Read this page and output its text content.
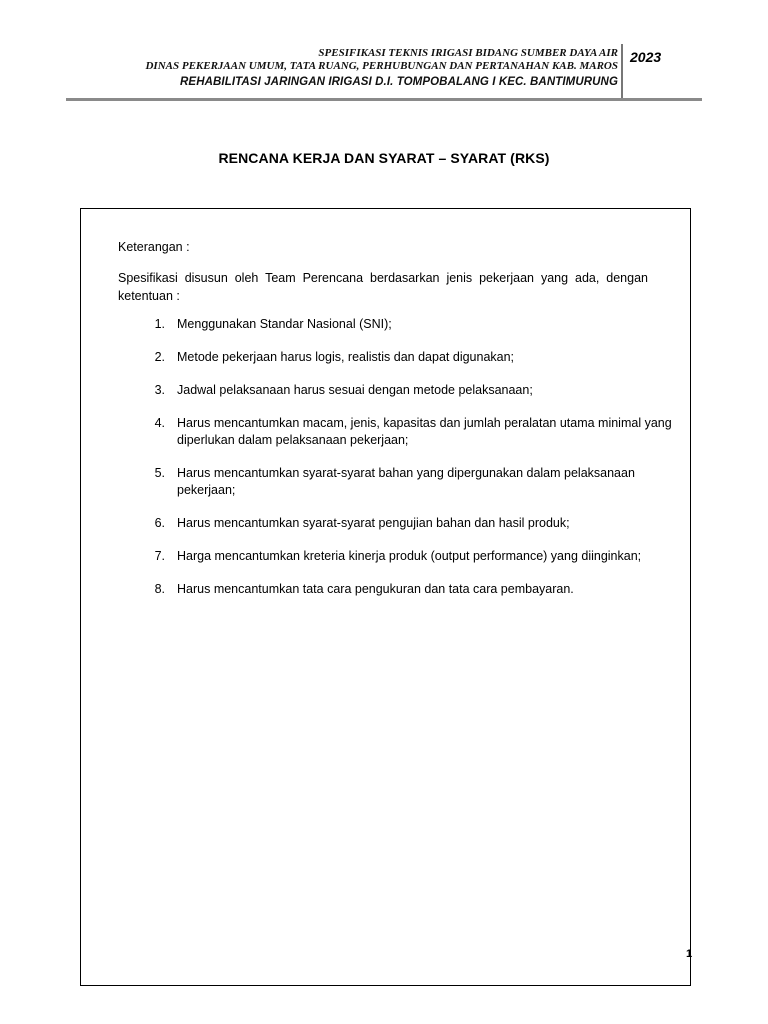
SPESIFIKASI TEKNIS IRIGASI BIDANG SUMBER DAYA AIR
DINAS PEKERJAAN UMUM, TATA RUANG, PERHUBUNGAN DAN PERTANAHAN KAB. MAROS
REHABILITASI JARINGAN IRIGASI D.I. TOMPOBALANG I KEC. BANTIMURUNG
2023
RENCANA KERJA DAN SYARAT – SYARAT (RKS)
Keterangan :
Spesifikasi disusun oleh Team Perencana berdasarkan jenis pekerjaan yang ada, dengan ketentuan :
1. Menggunakan Standar Nasional (SNI);
2. Metode pekerjaan harus logis, realistis dan dapat digunakan;
3. Jadwal pelaksanaan harus sesuai dengan metode pelaksanaan;
4. Harus mencantumkan macam, jenis, kapasitas dan jumlah peralatan utama minimal yang diperlukan dalam pelaksanaan pekerjaan;
5. Harus mencantumkan syarat-syarat bahan yang dipergunakan dalam pelaksanaan pekerjaan;
6. Harus mencantumkan syarat-syarat pengujian bahan dan hasil produk;
7. Harga mencantumkan kreteria kinerja produk (output performance) yang diinginkan;
8. Harus mencantumkan tata cara pengukuran dan tata cara pembayaran.
1
